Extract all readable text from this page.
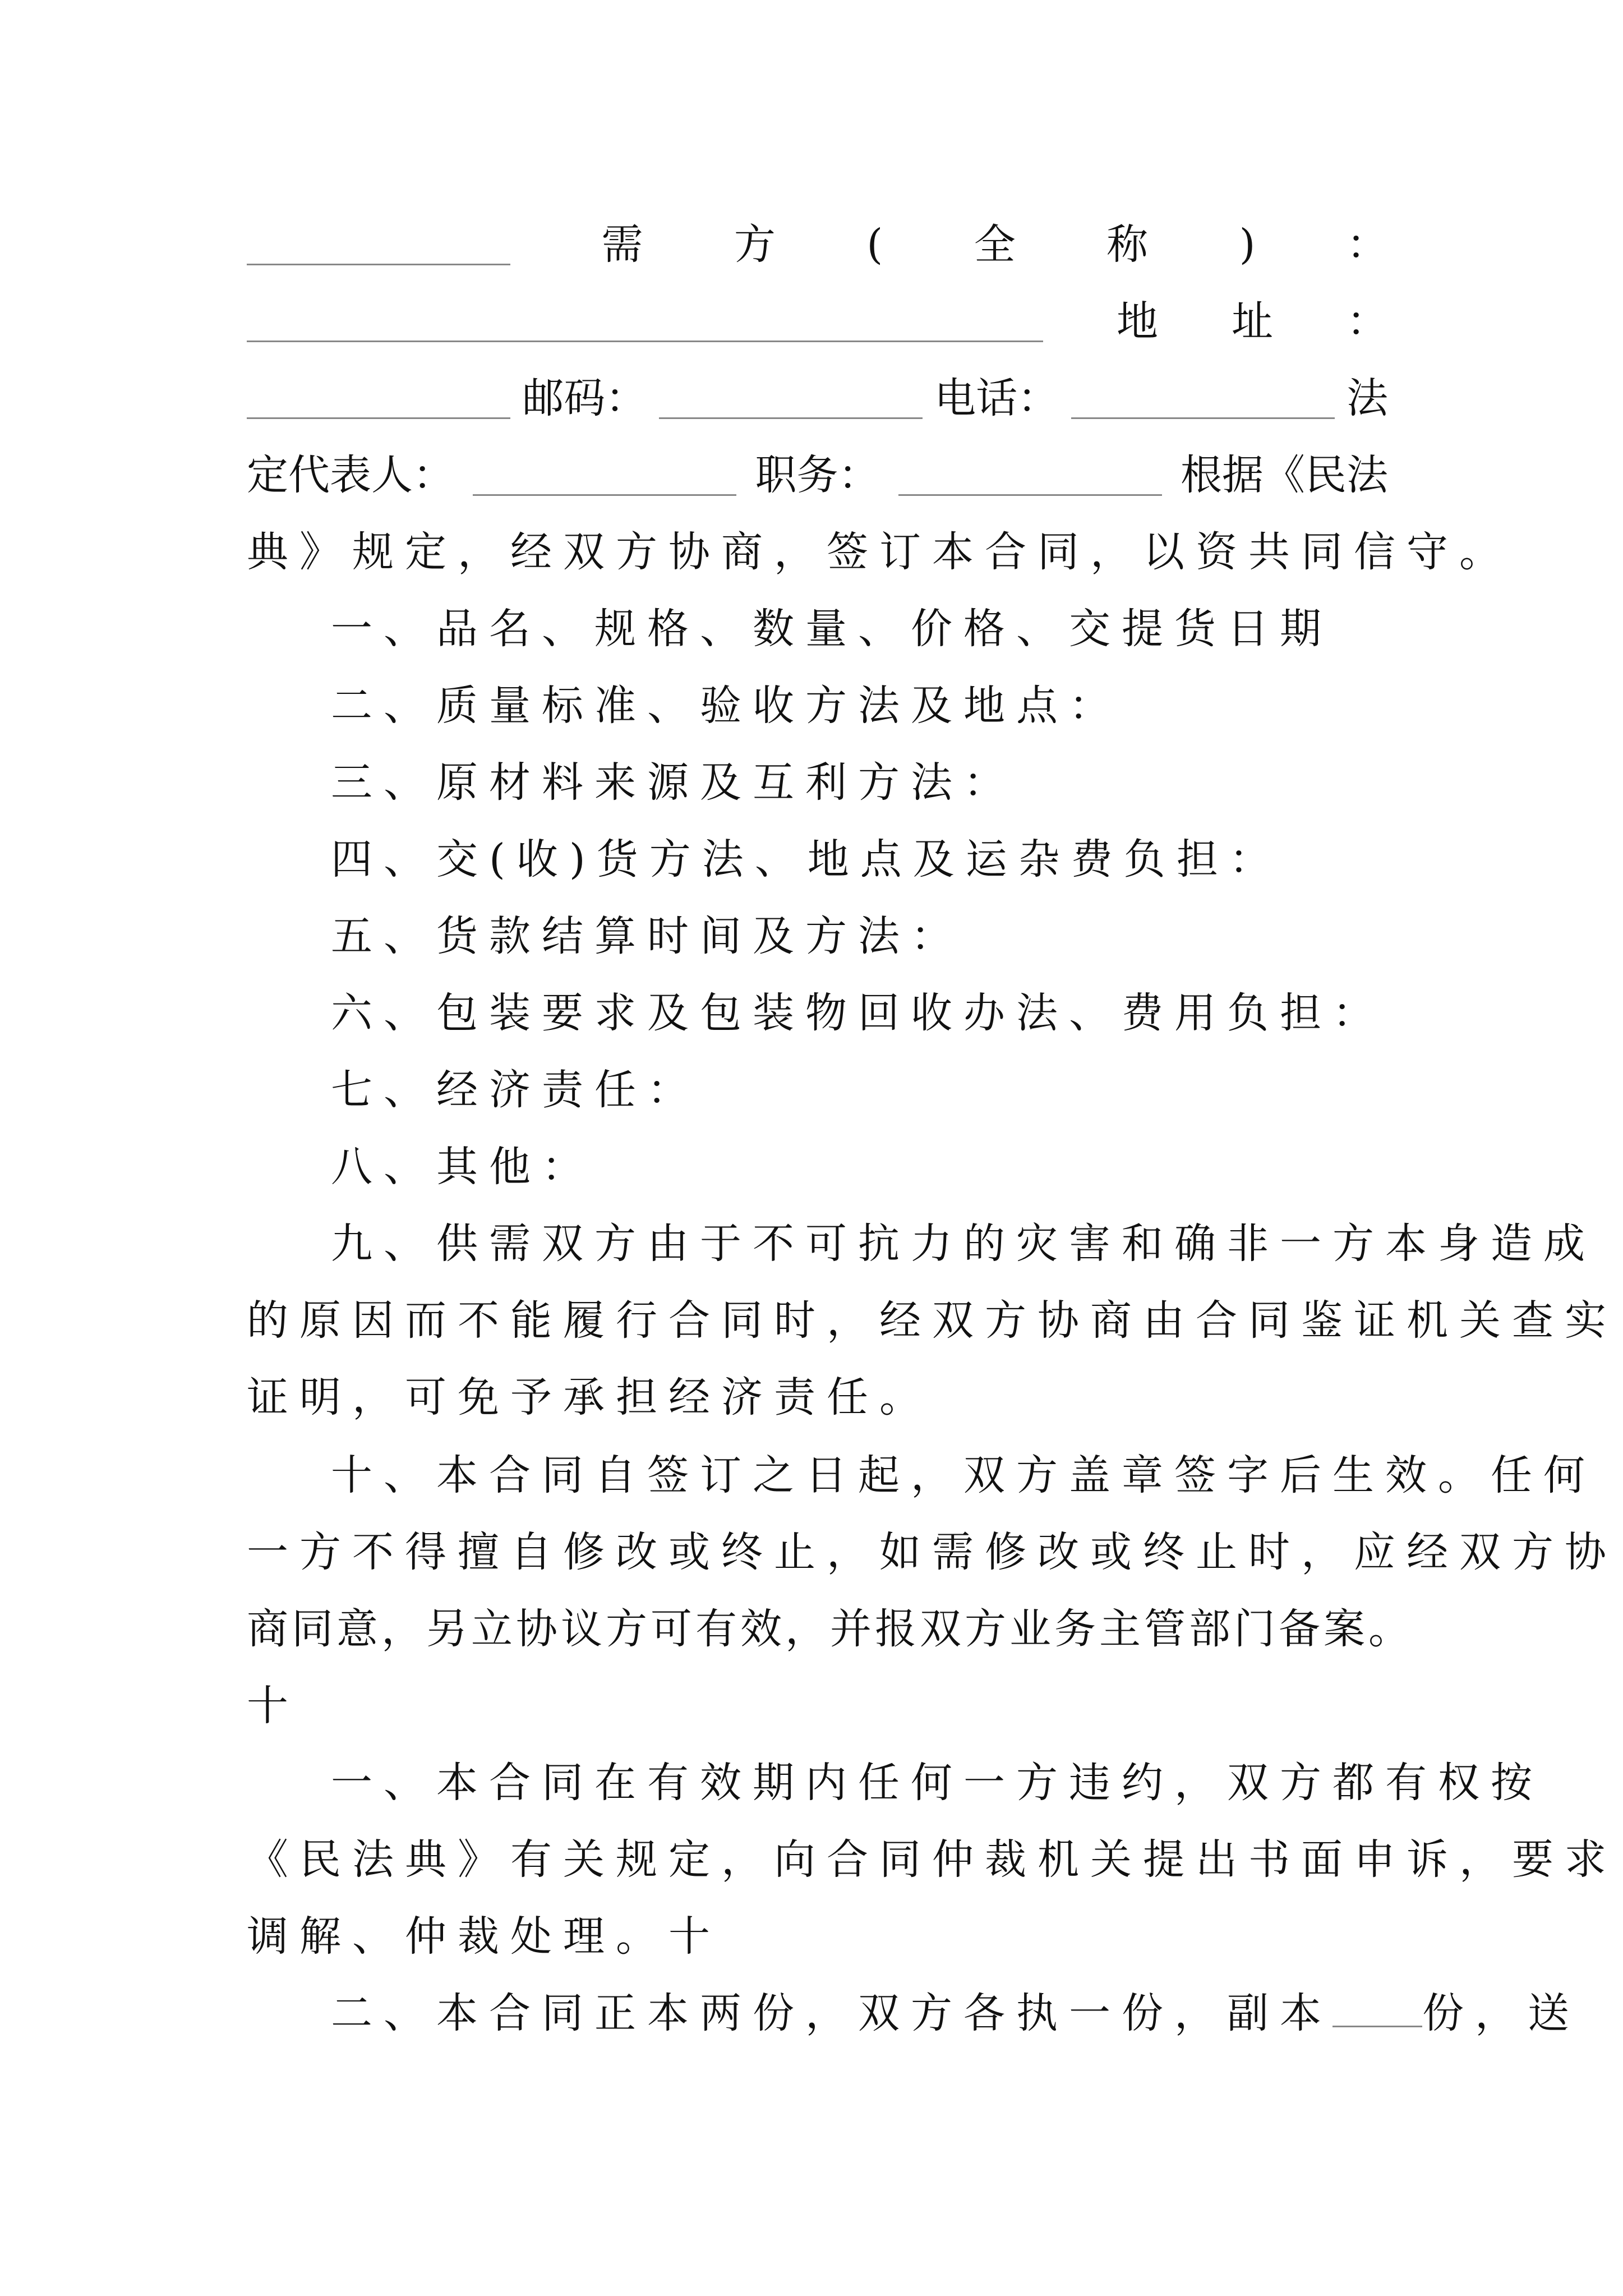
需 方 ( 全 称 ) ：
地 址 ：
邮码：	电话：	法
定代表人：	职务：	根据《民法
典》规定，经双方协商，签订本合同，以资共同信守。
一、品名、规格、数量、价格、交提货日期
二、质量标准、验收方法及地点：
三、原材料来源及互利方法：
四、交(收)货方法、地点及运杂费负担：
五、货款结算时间及方法：
六、包装要求及包装物回收办法、费用负担：
七、经济责任：
八、其他：
九、供需双方由于不可抗力的灾害和确非一方本身造成
的原因而不能履行合同时，经双方协商由合同鉴证机关查实
证明，可免予承担经济责任。
十、本合同自签订之日起，双方盖章签字后生效。任何
一方不得擅自修改或终止，如需修改或终止时，应经双方协
商同意，另立协议方可有效，并报双方业务主管部门备案。
十
一、本合同在有效期内任何一方违约，双方都有权按
《民法典》有关规定，向合同仲裁机关提出书面申诉，要求
调解、仲裁处理。十
二、本合同正本两份，双方各执一份，副本 份，送
